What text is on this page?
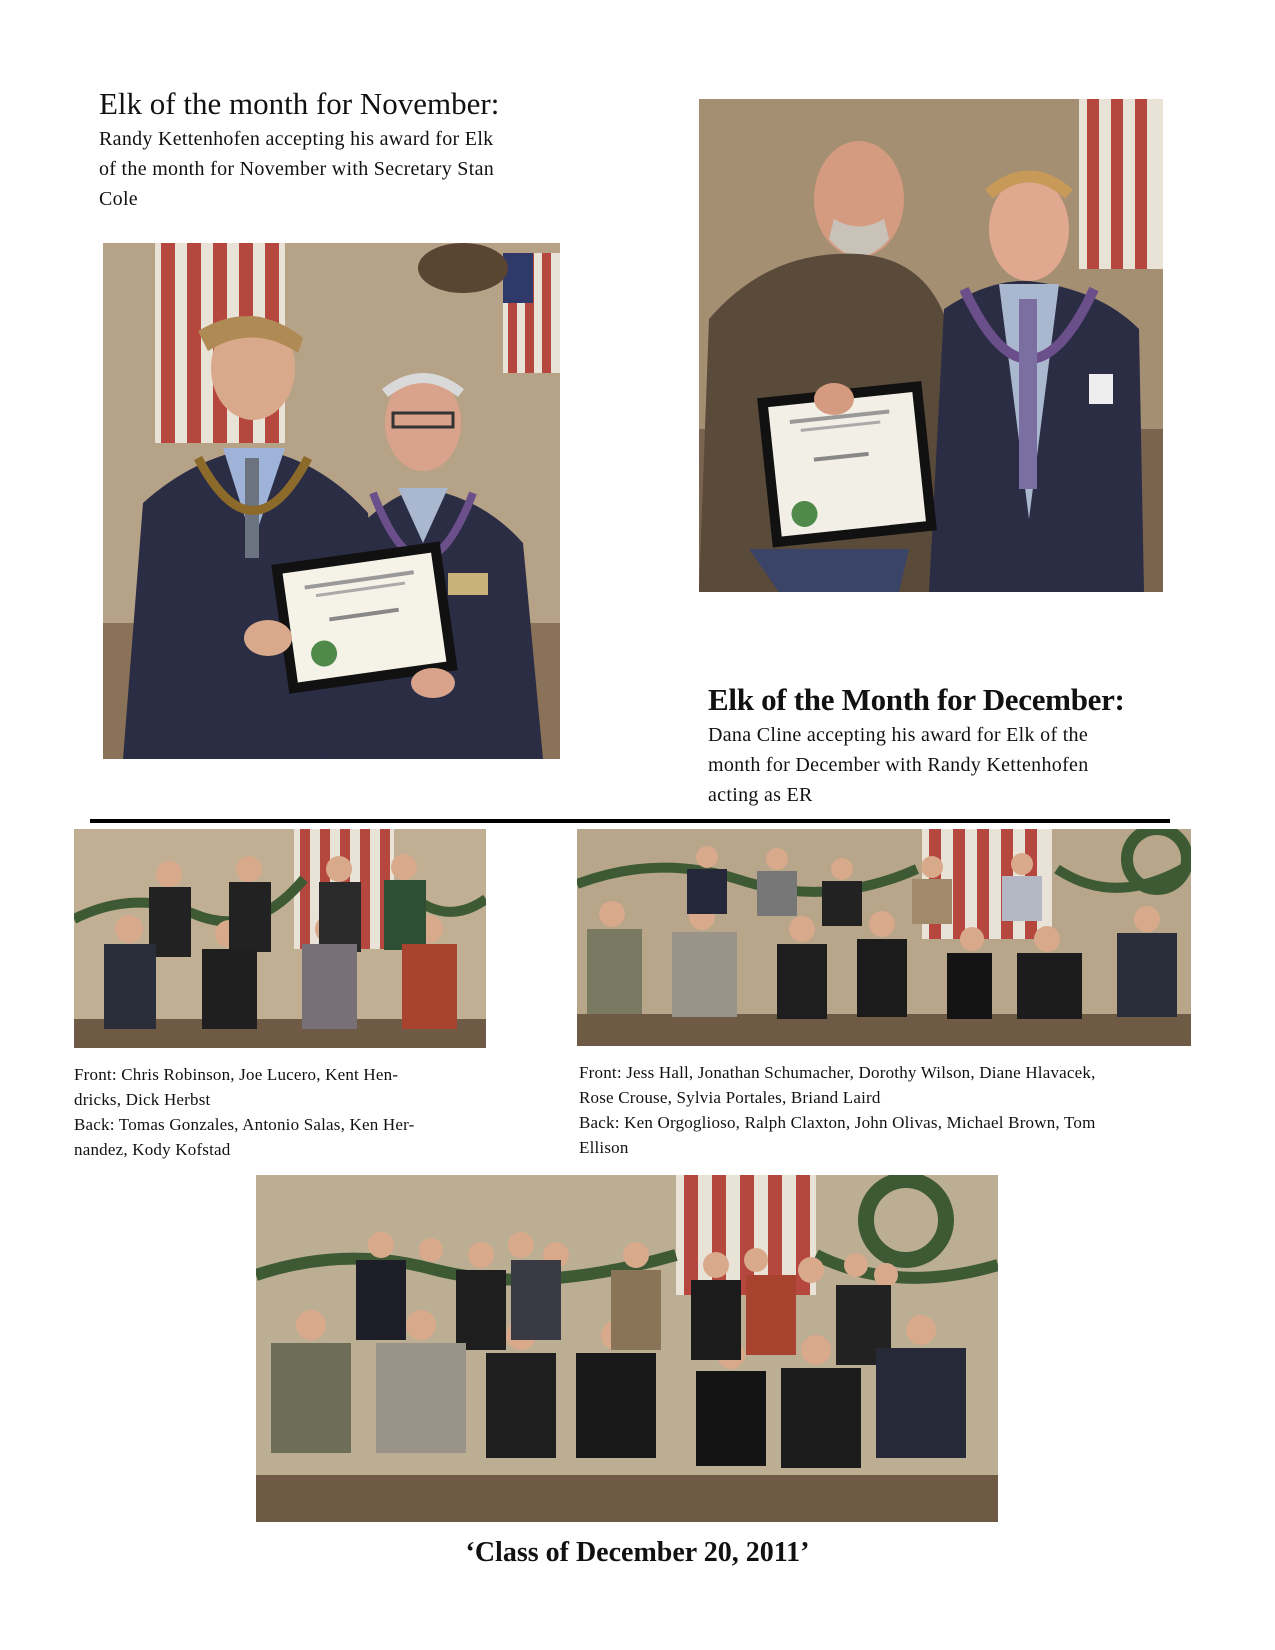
Elk of the month for November:

Randy Kettenhofen accepting his award for Elk
of the month for November with Secretary Stan
Cole

Elk of the Month for December:

Dana Cline accepting his award for Elk of the
month for December with Randy Kettenhofen
acting as ER

Front: Chris Robinson, Joe Lucero, Kent Hen-
dricks, Dick Herbst
Back: Tomas Gonzales, Antonio Salas, Ken Her-
nandez, Kody Kofstad

Front: Jess Hall, Jonathan Schumacher, Dorothy Wilson, Diane Hlavacek,
Rose Crouse, Sylvia Portales, Briand Laird
Back: Ken Orgoglioso, Ralph Claxton, John Olivas, Michael Brown, Tom
Ellison

‘Class of December 20, 2011’
